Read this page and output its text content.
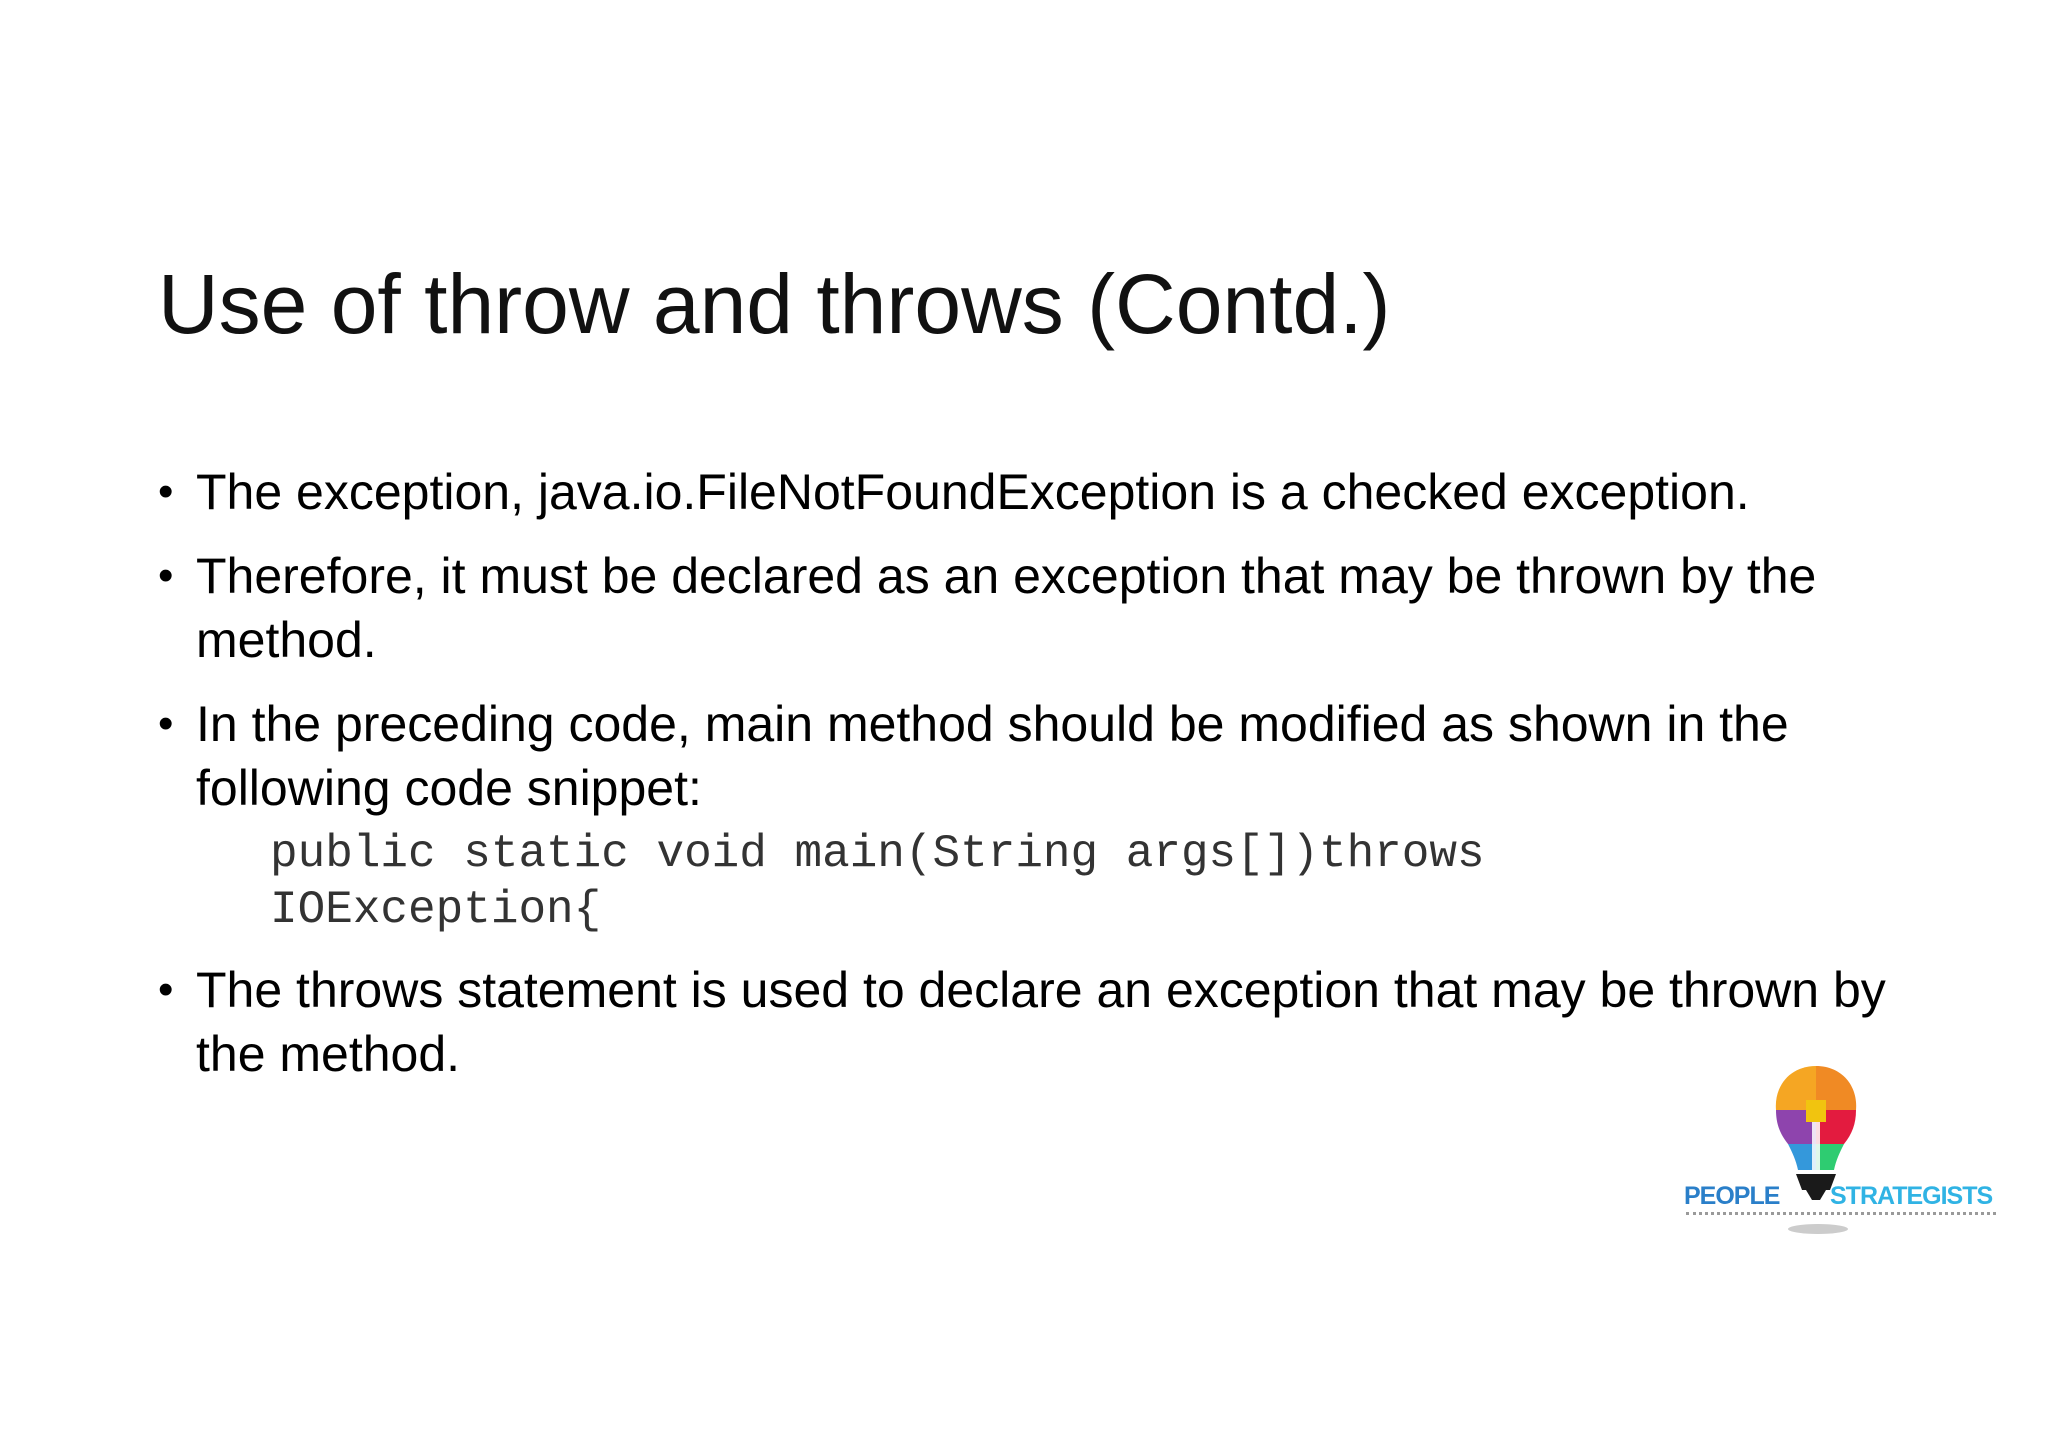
Use of throw and throws (Contd.)
• The exception, java.io.FileNotFoundException is a checked exception.
• Therefore, it must be declared as an exception that may be thrown by the method.
• In the preceding code, main method should be modified as shown in the following code snippet:
public static void main(String args[])throws
IOException{
• The throws statement is used to declare an exception that may be thrown by the method.
PEOPLE STRATEGISTS
